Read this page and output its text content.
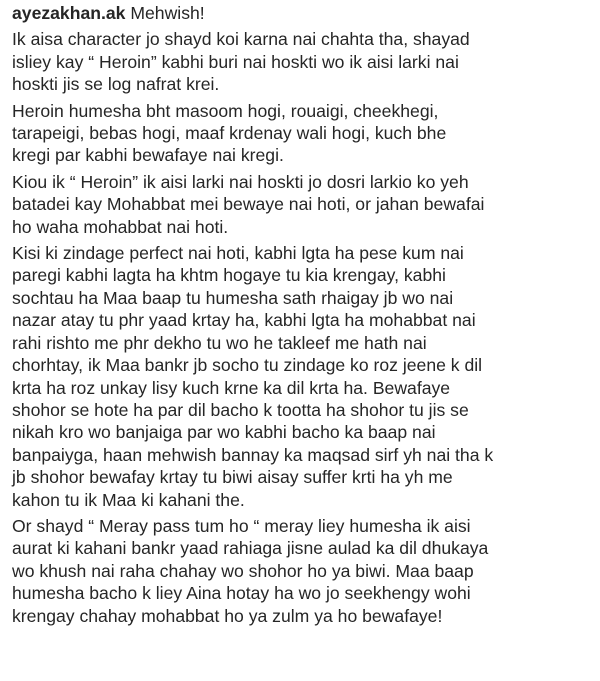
ayezakhan.ak Mehwish!

Ik aisa character jo shayd koi karna nai chahta tha, shayad
isliey kay “ Heroin” kabhi buri nai hoskti wo ik aisi larki nai
hoskti jis se log nafrat krei.

Heroin humesha bht masoom hogi, rouaigi, cheekhegi,
tarapeigi, bebas hogi, maaf krdenay wali hogi, kuch bhe
kregi par kabhi bewafaye nai kregi.

Kiou ik “ Heroin” ik aisi larki nai hoskti jo dosri larkio ko yeh
batadei kay Mohabbat mei bewaye nai hoti, or jahan bewafai
ho waha mohabbat nai hoti.

Kisi ki zindage perfect nai hoti, kabhi lgta ha pese kum nai
paregi kabhi lagta ha khtm hogaye tu kia krengay, kabhi
sochtau ha Maa baap tu humesha sath rhaigay jb wo nai
nazar atay tu phr yaad krtay ha, kabhi lgta ha mohabbat nai
rahi rishto me phr dekho tu wo he takleef me hath nai
chorhtay, ik Maa bankr jb socho tu zindage ko roz jeene k dil
krta ha roz unkay lisy kuch krne ka dil krta ha. Bewafaye
shohor se hote ha par dil bacho k tootta ha shohor tu jis se
nikah kro wo banjaiga par wo kabhi bacho ka baap nai
banpaiyga, haan mehwish bannay ka maqsad sirf yh nai tha k
jb shohor bewafay krtay tu biwi aisay suffer krti ha yh me
kahon tu ik Maa ki kahani the.

Or shayd “ Meray pass tum ho “ meray liey humesha ik aisi
aurat ki kahani bankr yaad rahiaga jisne aulad ka dil dhukaya
wo khush nai raha chahay wo shohor ho ya biwi. Maa baap
humesha bacho k liey Aina hotay ha wo jo seekhengy wohi
krengay chahay mohabbat ho ya zulm ya ho bewafaye!
